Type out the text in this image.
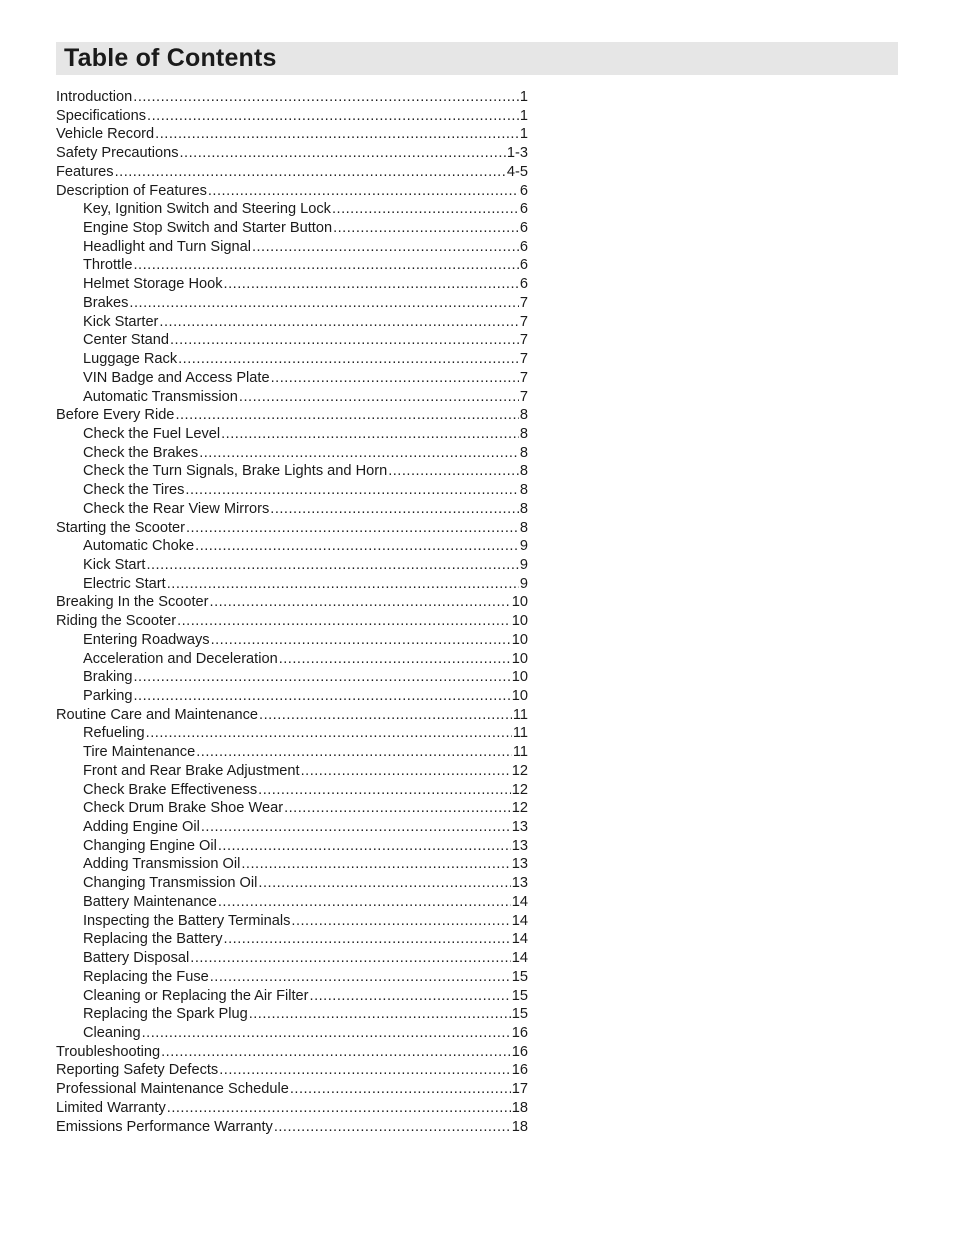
Table of Contents
Introduction .....	1
Specifications .....	1
Vehicle Record .....	1
Safety Precautions .....	1-3
Features .....	4-5
Description of Features .....	6
Key, Ignition Switch and Steering Lock .....	6
Engine Stop Switch and Starter Button .....	6
Headlight and Turn Signal .....	6
Throttle .....	6
Helmet Storage Hook .....	6
Brakes .....	7
Kick Starter .....	7
Center Stand .....	7
Luggage Rack .....	7
VIN Badge and Access Plate .....	7
Automatic Transmission .....	7
Before Every Ride .....	8
Check the Fuel Level .....	8
Check the Brakes .....	8
Check the Turn Signals, Brake Lights and Horn .....	8
Check the Tires .....	8
Check the Rear View Mirrors .....	8
Starting the Scooter .....	8
Automatic Choke .....	9
Kick Start .....	9
Electric Start .....	9
Breaking In the Scooter .....	10
Riding the Scooter .....	10
Entering Roadways .....	10
Acceleration and Deceleration .....	10
Braking .....	10
Parking .....	10
Routine Care and Maintenance .....	11
Refueling .....	11
Tire Maintenance .....	11
Front and Rear Brake Adjustment .....	12
Check Brake Effectiveness .....	12
Check Drum Brake Shoe Wear .....	12
Adding Engine Oil .....	13
Changing Engine Oil .....	13
Adding Transmission Oil .....	13
Changing Transmission Oil .....	13
Battery Maintenance .....	14
Inspecting the Battery Terminals .....	14
Replacing the Battery .....	14
Battery Disposal .....	14
Replacing the Fuse .....	15
Cleaning or Replacing the Air Filter .....	15
Replacing the Spark Plug .....	15
Cleaning .....	16
Troubleshooting .....	16
Reporting Safety Defects .....	16
Professional Maintenance Schedule .....	17
Limited Warranty .....	18
Emissions Performance Warranty .....	18
